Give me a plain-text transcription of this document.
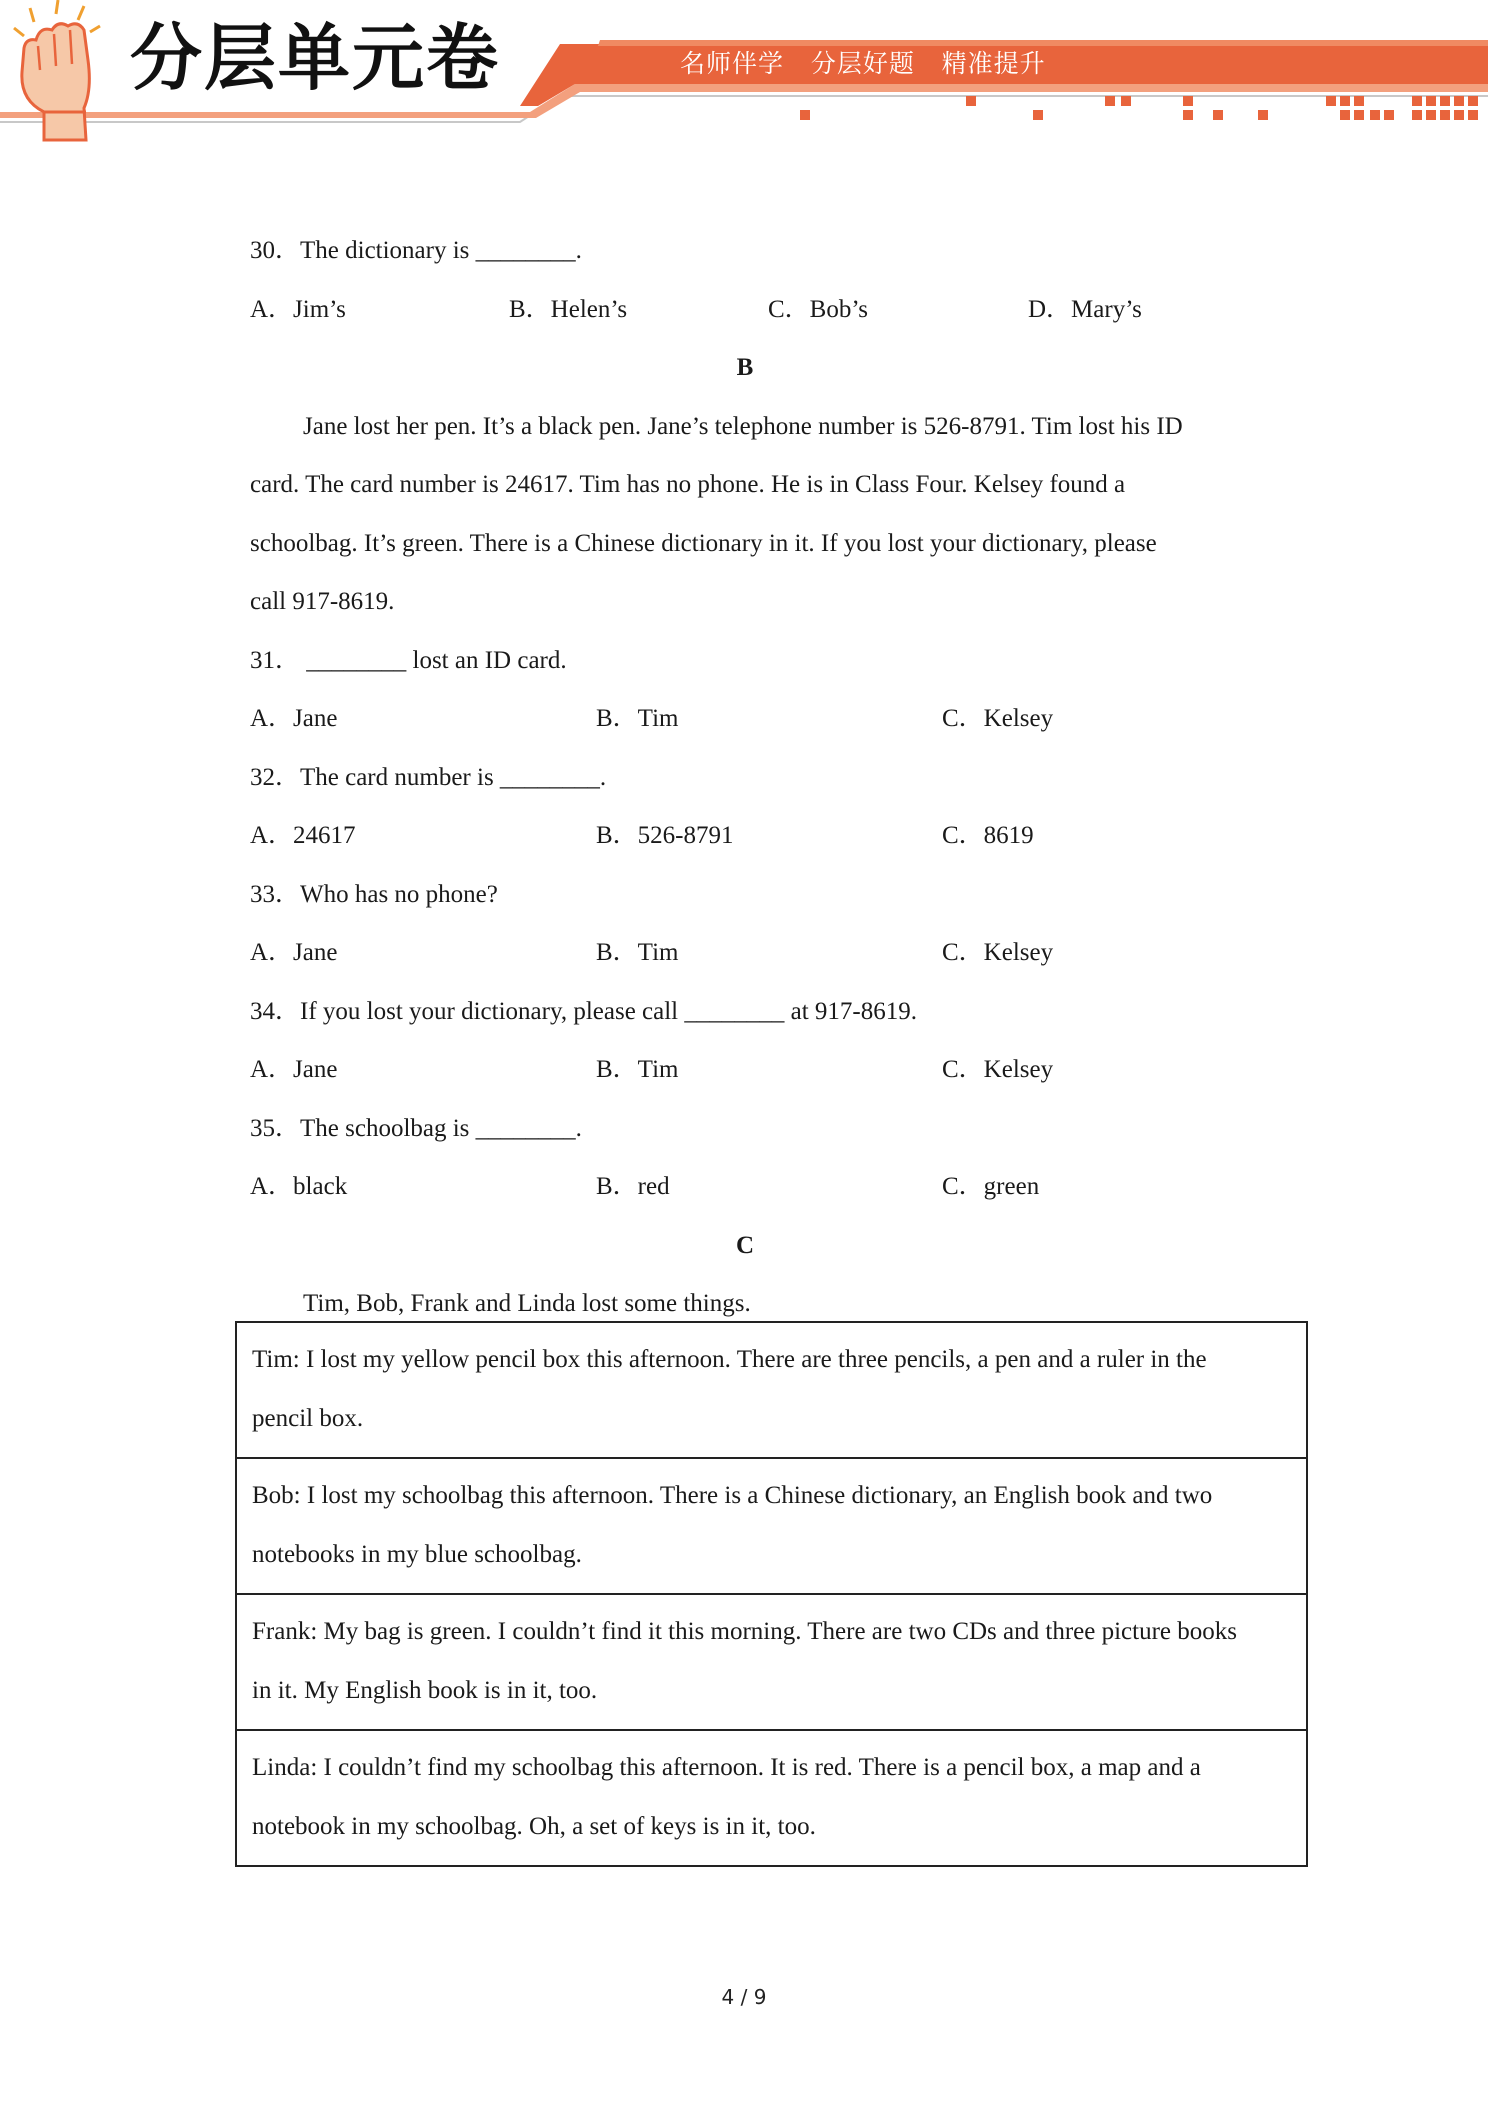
分层单元卷	名师伴学   分层好题   精准提升
30．The dictionary is ________.
A．Jim’s	B．Helen’s	C．Bob’s	D．Mary’s
B
Jane lost her pen. It’s a black pen. Jane’s telephone number is 526-8791. Tim lost his ID
card. The card number is 24617. Tim has no phone. He is in Class Four. Kelsey found a
schoolbag. It’s green. There is a Chinese dictionary in it. If you lost your dictionary, please
call 917-8619.
31． ________ lost an ID card.
A．Jane	B．Tim	C．Kelsey
32．The card number is ________.
A．24617	B．526-8791	C．8619
33．Who has no phone?
A．Jane	B．Tim	C．Kelsey
34．If you lost your dictionary, please call ________ at 917-8619.
A．Jane	B．Tim	C．Kelsey
35．The schoolbag is ________.
A．black	B．red	C．green
C
Tim, Bob, Frank and Linda lost some things.

Tim: I lost my yellow pencil box this afternoon. There are three pencils, a pen and a ruler in the

pencil box.

Bob: I lost my schoolbag this afternoon. There is a Chinese dictionary, an English book and two

notebooks in my blue schoolbag.

Frank: My bag is green. I couldn’t find it this morning. There are two CDs and three picture books

in it. My English book is in it, too.

Linda: I couldn’t find my schoolbag this afternoon. It is red. There is a pencil box, a map and a

notebook in my schoolbag. Oh, a set of keys is in it, too.

4 / 9
